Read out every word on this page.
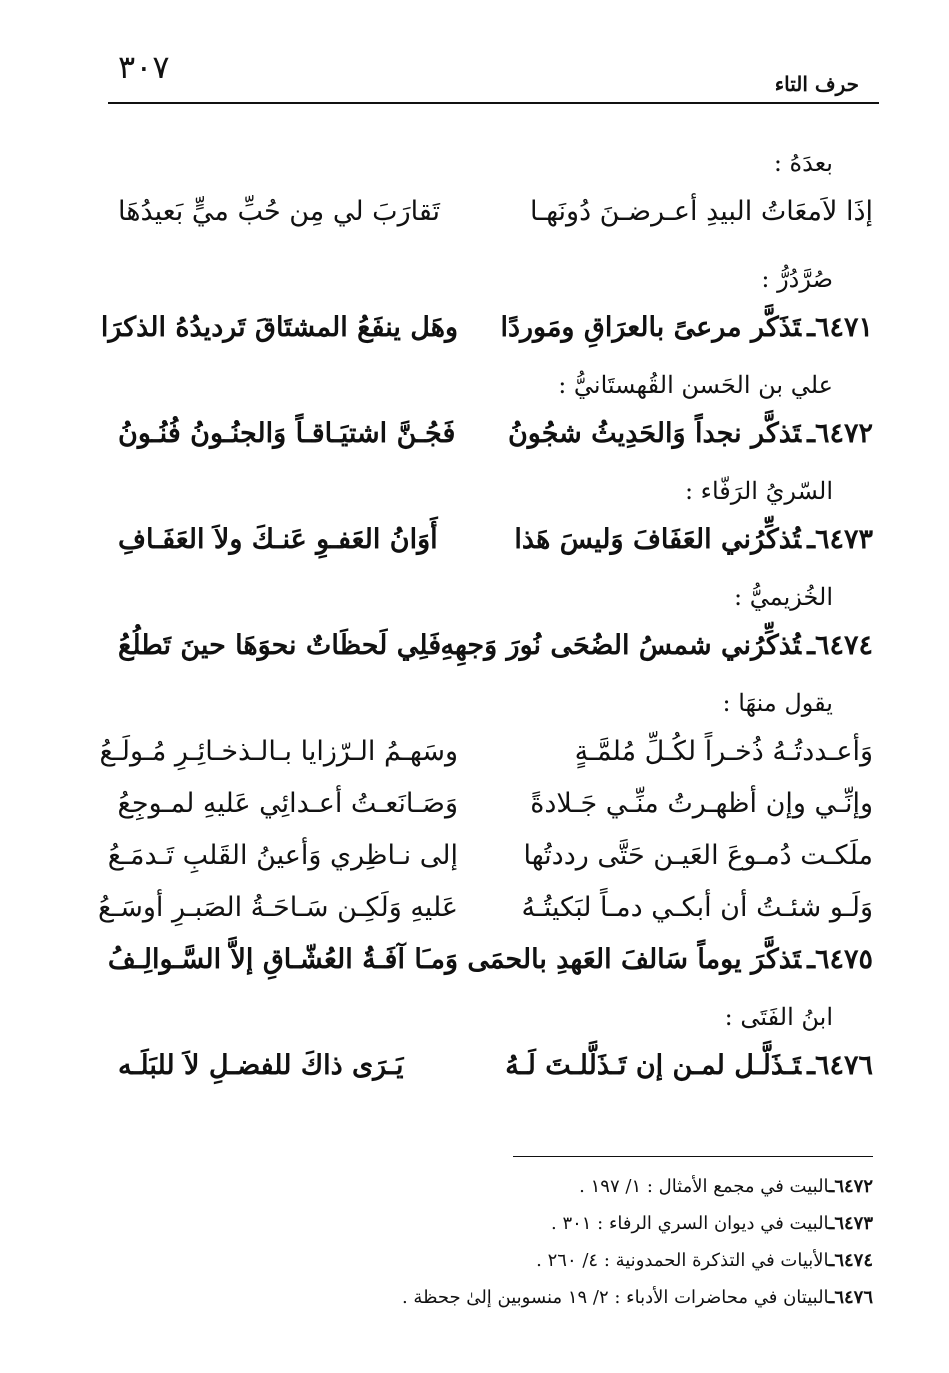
٣٠٧	حرف التاء
بعدَهُ :
إذَا لاَمعَاتُ البيدِ أعـرضـنَ دُونَهـا
تَقارَبَ لي مِن حُبِّ ميٍّ بَعيدُهَا
صُرَّدُرُّ :
٦٤٧١ـتَذَكَّر مرعىً بالعرَاقِ ومَوردًا
وهَل ينفَعُ المشتَاقَ تَرديدُهُ الذكرَا
علي بن الحَسن القُهستَانيُّ :
٦٤٧٢ـتَذكَّر نجداً وَالحَدِيثُ شجُونُ
فَجُـنَّ اشتيَـاقـاً وَالجنُـونُ فُنُـونُ
السّريُ الرَفّاء :
٦٤٧٣ـتُذكِّرُني العَفَافَ وَليسَ هَذا
أَوَانُ العَفـوِ عَنـكَ ولاَ العَفَـافِ
الخُزيميُّ :
٦٤٧٤ـتُذكِّرُني شمسُ الضُحَى نُورَ وَجهِهِ
فَلِي لَحظَاتٌ نحوَهَا حينَ تَطلُعُ
يقول منهَا :
وَأعـددتُـهُ ذُخـراً لكُـلِّ مُلمَّـةٍ
وسَهـمُ الـرّزايا بـالـذخـائِـرِ مُـولَـعُ
وإنِّـي وإن أظهـرتُ منِّـي جَـلادةً
وَصَـانَعـتُ أعـدائِي عَليهِ لمـوجِعُ
ملَكـت دُمـوعَ العَيـن حَتَّى رددتُها
إلى نـاظِري وَأعينُ القَلبِ تَـدمَـعُ
وَلَـو شئـتُ أن أبكـي دمـاً لبَكيتُـهُ
عَليهِ وَلَكِـن سَـاحَـةُ الصَبـرِ أوسَـعُ
٦٤٧٥ـتَذكَّرَ يوماً سَالفَ العَهدِ بالحمَى
وَمـَا آفَـةُ العُشّـاقِ إلاَّ السَّـوالِـفُ
ابنُ الفَتَى :
٦٤٧٦ـتَـذَلَّـل لمـن إن تَـذَلَّلـتَ لَـهُ
يَـرَى ذاكَ للفضـلِ لاَ للبَلَـه
٦٤٧٢ـالبيت في مجمع الأمثال : ١/ ١٩٧ .
٦٤٧٣ـالبيت في ديوان السري الرفاء : ٣٠١ .
٦٤٧٤ـالأبيات في التذكرة الحمدونية : ٤/ ٢٦٠ .
٦٤٧٦ـالبيتان في محاضرات الأدباء : ٢/ ١٩ منسوبين إلىٰ جحظة .
